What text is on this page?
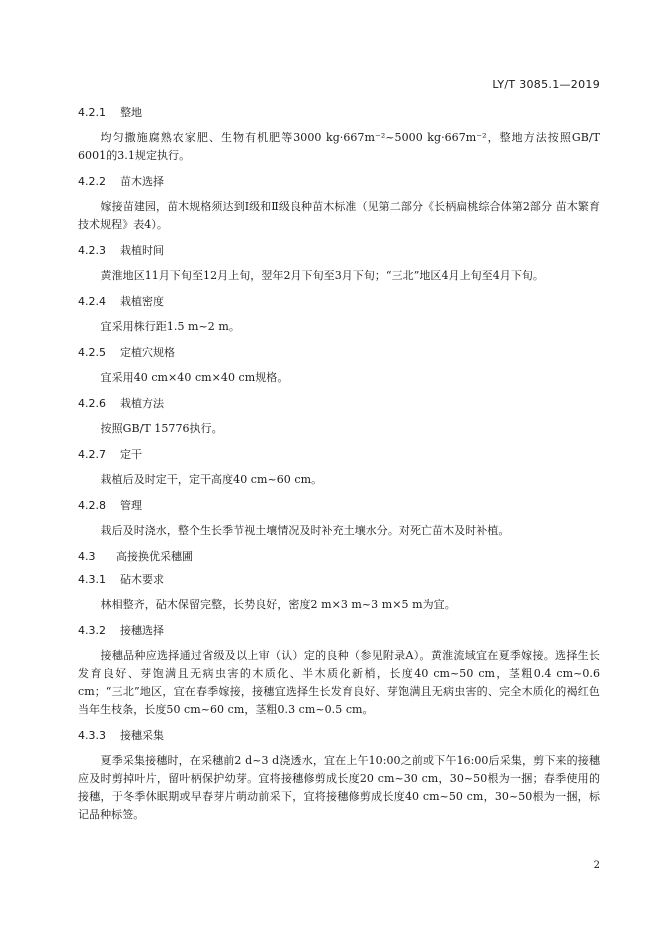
LY/T 3085.1—2019
4.2.1 整地

均匀撒施腐熟农家肥、生物有机肥等3000 kg·667m⁻²~5000 kg·667m⁻²，整地方法按照GB/T 6001的3.1规定执行。

4.2.2 苗木选择

嫁接苗建园，苗木规格须达到Ⅰ级和Ⅱ级良种苗木标准（见第二部分《长柄扁桃综合体第2部分 苗木繁育技术规程》表4）。

4.2.3 栽植时间

黄淮地区11月下旬至12月上旬，翌年2月下旬至3月下旬；“三北”地区4月上旬至4月下旬。

4.2.4 栽植密度

宜采用株行距1.5 m~2 m。

4.2.5 定植穴规格

宜采用40 cm×40 cm×40 cm规格。

4.2.6 栽植方法

按照GB/T 15776执行。

4.2.7 定干

栽植后及时定干，定干高度40 cm~60 cm。

4.2.8 管理

栽后及时浇水，整个生长季节视土壤情况及时补充土壤水分。对死亡苗木及时补植。

4.3 高接换优采穗圃
4.3.1 砧木要求

林相整齐，砧木保留完整，长势良好，密度2 m×3 m~3 m×5 m为宜。

4.3.2 接穗选择

接穗品种应选择通过省级及以上审（认）定的良种（参见附录A）。黄淮流域宜在夏季嫁接。选择生长发育良好、芽饱满且无病虫害的木质化、半木质化新梢，长度40 cm~50 cm，茎粗0.4 cm~0.6 cm；“三北”地区，宜在春季嫁接，接穗宜选择生长发育良好、芽饱满且无病虫害的、完全木质化的褐红色当年生枝条，长度50 cm~60 cm，茎粗0.3 cm~0.5 cm。

4.3.3 接穗采集

夏季采集接穗时，在采穗前2 d~3 d浇透水，宜在上午10:00之前或下午16:00后采集，剪下来的接穗应及时剪掉叶片，留叶柄保护幼芽。宜将接穗修剪成长度20 cm~30 cm，30~50根为一捆；春季使用的接穗，于冬季休眠期或早春芽片萌动前采下，宜将接穗修剪成长度40 cm~50 cm，30~50根为一捆，标记品种标签。

2
